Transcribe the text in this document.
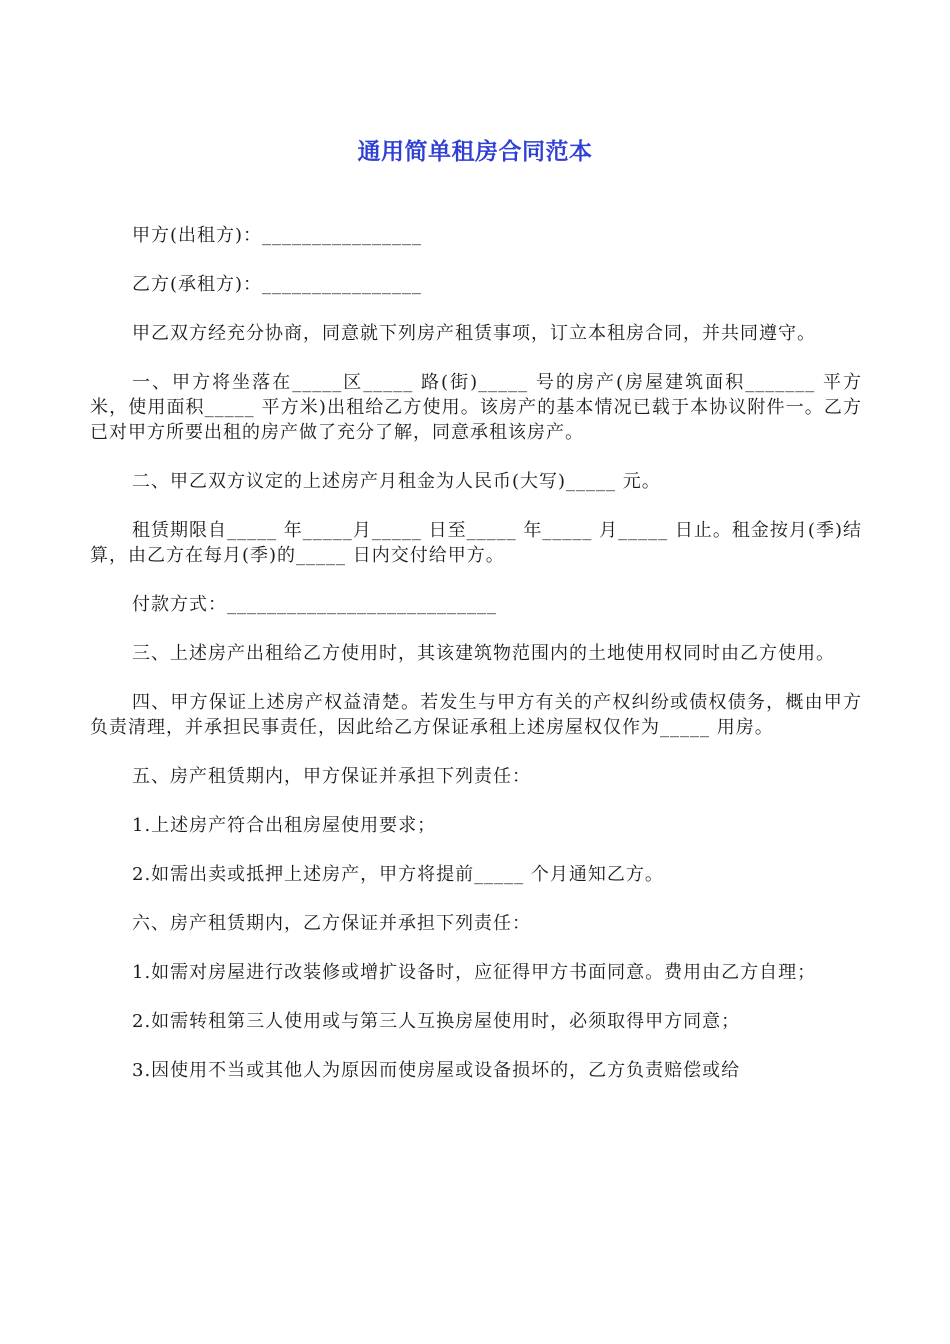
通用简单租房合同范本

甲方(出租方)：________________

乙方(承租方)：________________

甲乙双方经充分协商，同意就下列房产租赁事项，订立本租房合同，并共同遵守。

一、甲方将坐落在_____区_____ 路(街)_____ 号的房产(房屋建筑面积_______ 平方米，使用面积_____ 平方米)出租给乙方使用。该房产的基本情况已载于本协议附件一。乙方已对甲方所要出租的房产做了充分了解，同意承租该房产。

二、甲乙双方议定的上述房产月租金为人民币(大写)_____ 元。

租赁期限自_____ 年_____月_____ 日至_____ 年_____ 月_____ 日止。租金按月(季)结算，由乙方在每月(季)的_____ 日内交付给甲方。

付款方式：___________________________

三、上述房产出租给乙方使用时，其该建筑物范围内的土地使用权同时由乙方使用。

四、甲方保证上述房产权益清楚。若发生与甲方有关的产权纠纷或债权债务，概由甲方负责清理，并承担民事责任，因此给乙方保证承租上述房屋权仅作为_____ 用房。

五、房产租赁期内，甲方保证并承担下列责任：

1.上述房产符合出租房屋使用要求；

2.如需出卖或抵押上述房产，甲方将提前_____ 个月通知乙方。

六、房产租赁期内，乙方保证并承担下列责任：

1.如需对房屋进行改装修或增扩设备时，应征得甲方书面同意。费用由乙方自理；

2.如需转租第三人使用或与第三人互换房屋使用时，必须取得甲方同意；

3.因使用不当或其他人为原因而使房屋或设备损坏的，乙方负责赔偿或给
